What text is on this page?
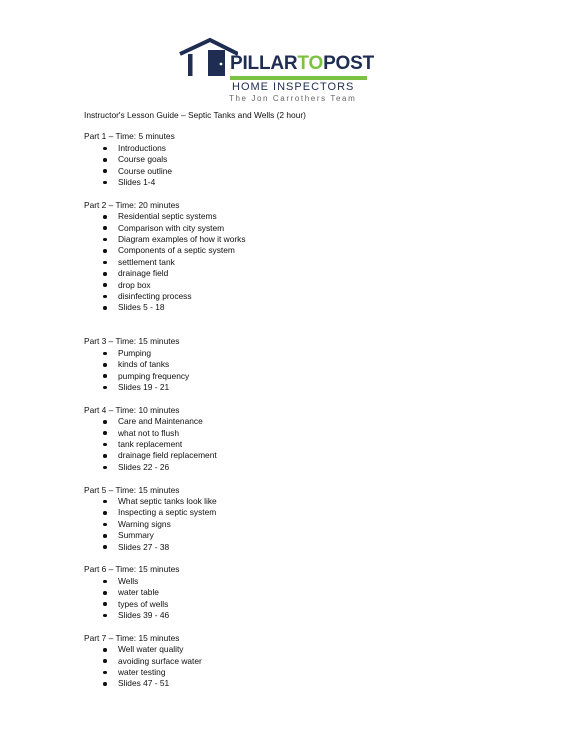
PILLARTOPOST
HOME INSPECTORS
The Jon Carrothers Team
Instructor's Lesson Guide – Septic Tanks and Wells (2 hour)
Part 1 – Time: 5 minutes
Introductions
Course goals
Course outline
Slides 1-4
Part 2 – Time: 20 minutes
Residential septic systems
Comparison with city system
Diagram examples of how it works
Components of a septic system
settlement tank
drainage field
drop box
disinfecting process
Slides 5 - 18
Part 3 – Time: 15 minutes
Pumping
kinds of tanks
pumping frequency
Slides 19 - 21
Part 4 – Time: 10 minutes
Care and Maintenance
what not to flush
tank replacement
drainage field replacement
Slides 22 - 26
Part 5 – Time: 15 minutes
What septic tanks look like
Inspecting a septic system
Warning signs
Summary
Slides 27 - 38
Part 6 – Time: 15 minutes
Wells
water table
types of wells
Slides 39 - 46
Part 7 – Time: 15 minutes
Well water quality
avoiding surface water
water testing
Slides 47 - 51
